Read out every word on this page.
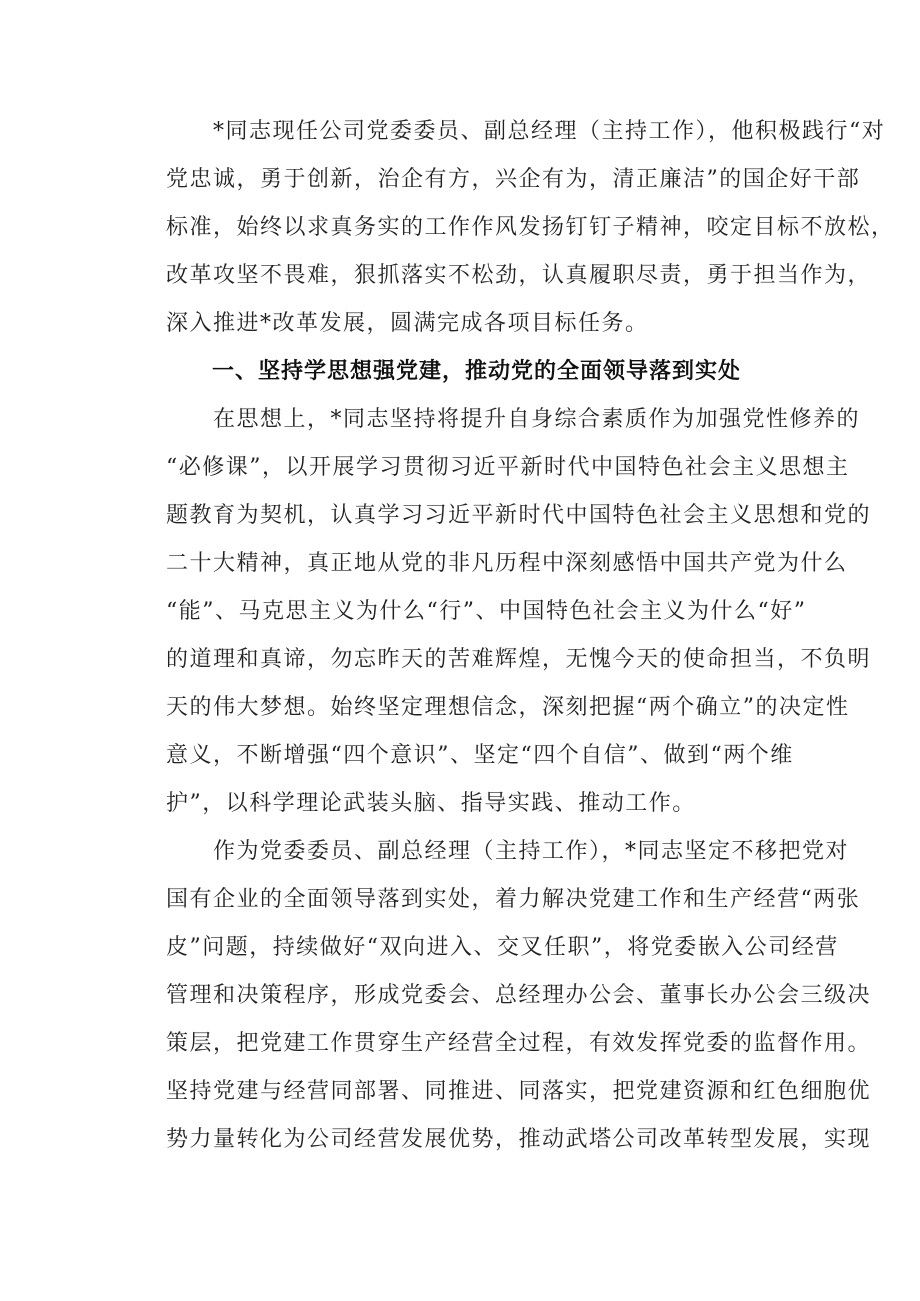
　　*同志现任公司党委委员、副总经理（主持工作），他积极践行“对
党忠诚，勇于创新，治企有方，兴企有为，清正廉洁”的国企好干部
标准，始终以求真务实的工作作风发扬钉钉子精神，咬定目标不放松，
改革攻坚不畏难，狠抓落实不松劲，认真履职尽责，勇于担当作为，
深入推进*改革发展，圆满完成各项目标任务。
　　一、坚持学思想强党建，推动党的全面领导落到实处
　　在思想上，*同志坚持将提升自身综合素质作为加强党性修养的
“必修课”，以开展学习贯彻习近平新时代中国特色社会主义思想主
题教育为契机，认真学习习近平新时代中国特色社会主义思想和党的
二十大精神，真正地从党的非凡历程中深刻感悟中国共产党为什么
“能”、马克思主义为什么“行”、中国特色社会主义为什么“好”
的道理和真谛，勿忘昨天的苦难辉煌，无愧今天的使命担当，不负明
天的伟大梦想。始终坚定理想信念，深刻把握“两个确立”的决定性
意义，不断增强“四个意识”、坚定“四个自信”、做到“两个维
护”，以科学理论武装头脑、指导实践、推动工作。
　　作为党委委员、副总经理（主持工作），*同志坚定不移把党对
国有企业的全面领导落到实处，着力解决党建工作和生产经营“两张
皮”问题，持续做好“双向进入、交叉任职”，将党委嵌入公司经营
管理和决策程序，形成党委会、总经理办公会、董事长办公会三级决
策层，把党建工作贯穿生产经营全过程，有效发挥党委的监督作用。
坚持党建与经营同部署、同推进、同落实，把党建资源和红色细胞优
势力量转化为公司经营发展优势，推动武塔公司改革转型发展，实现
